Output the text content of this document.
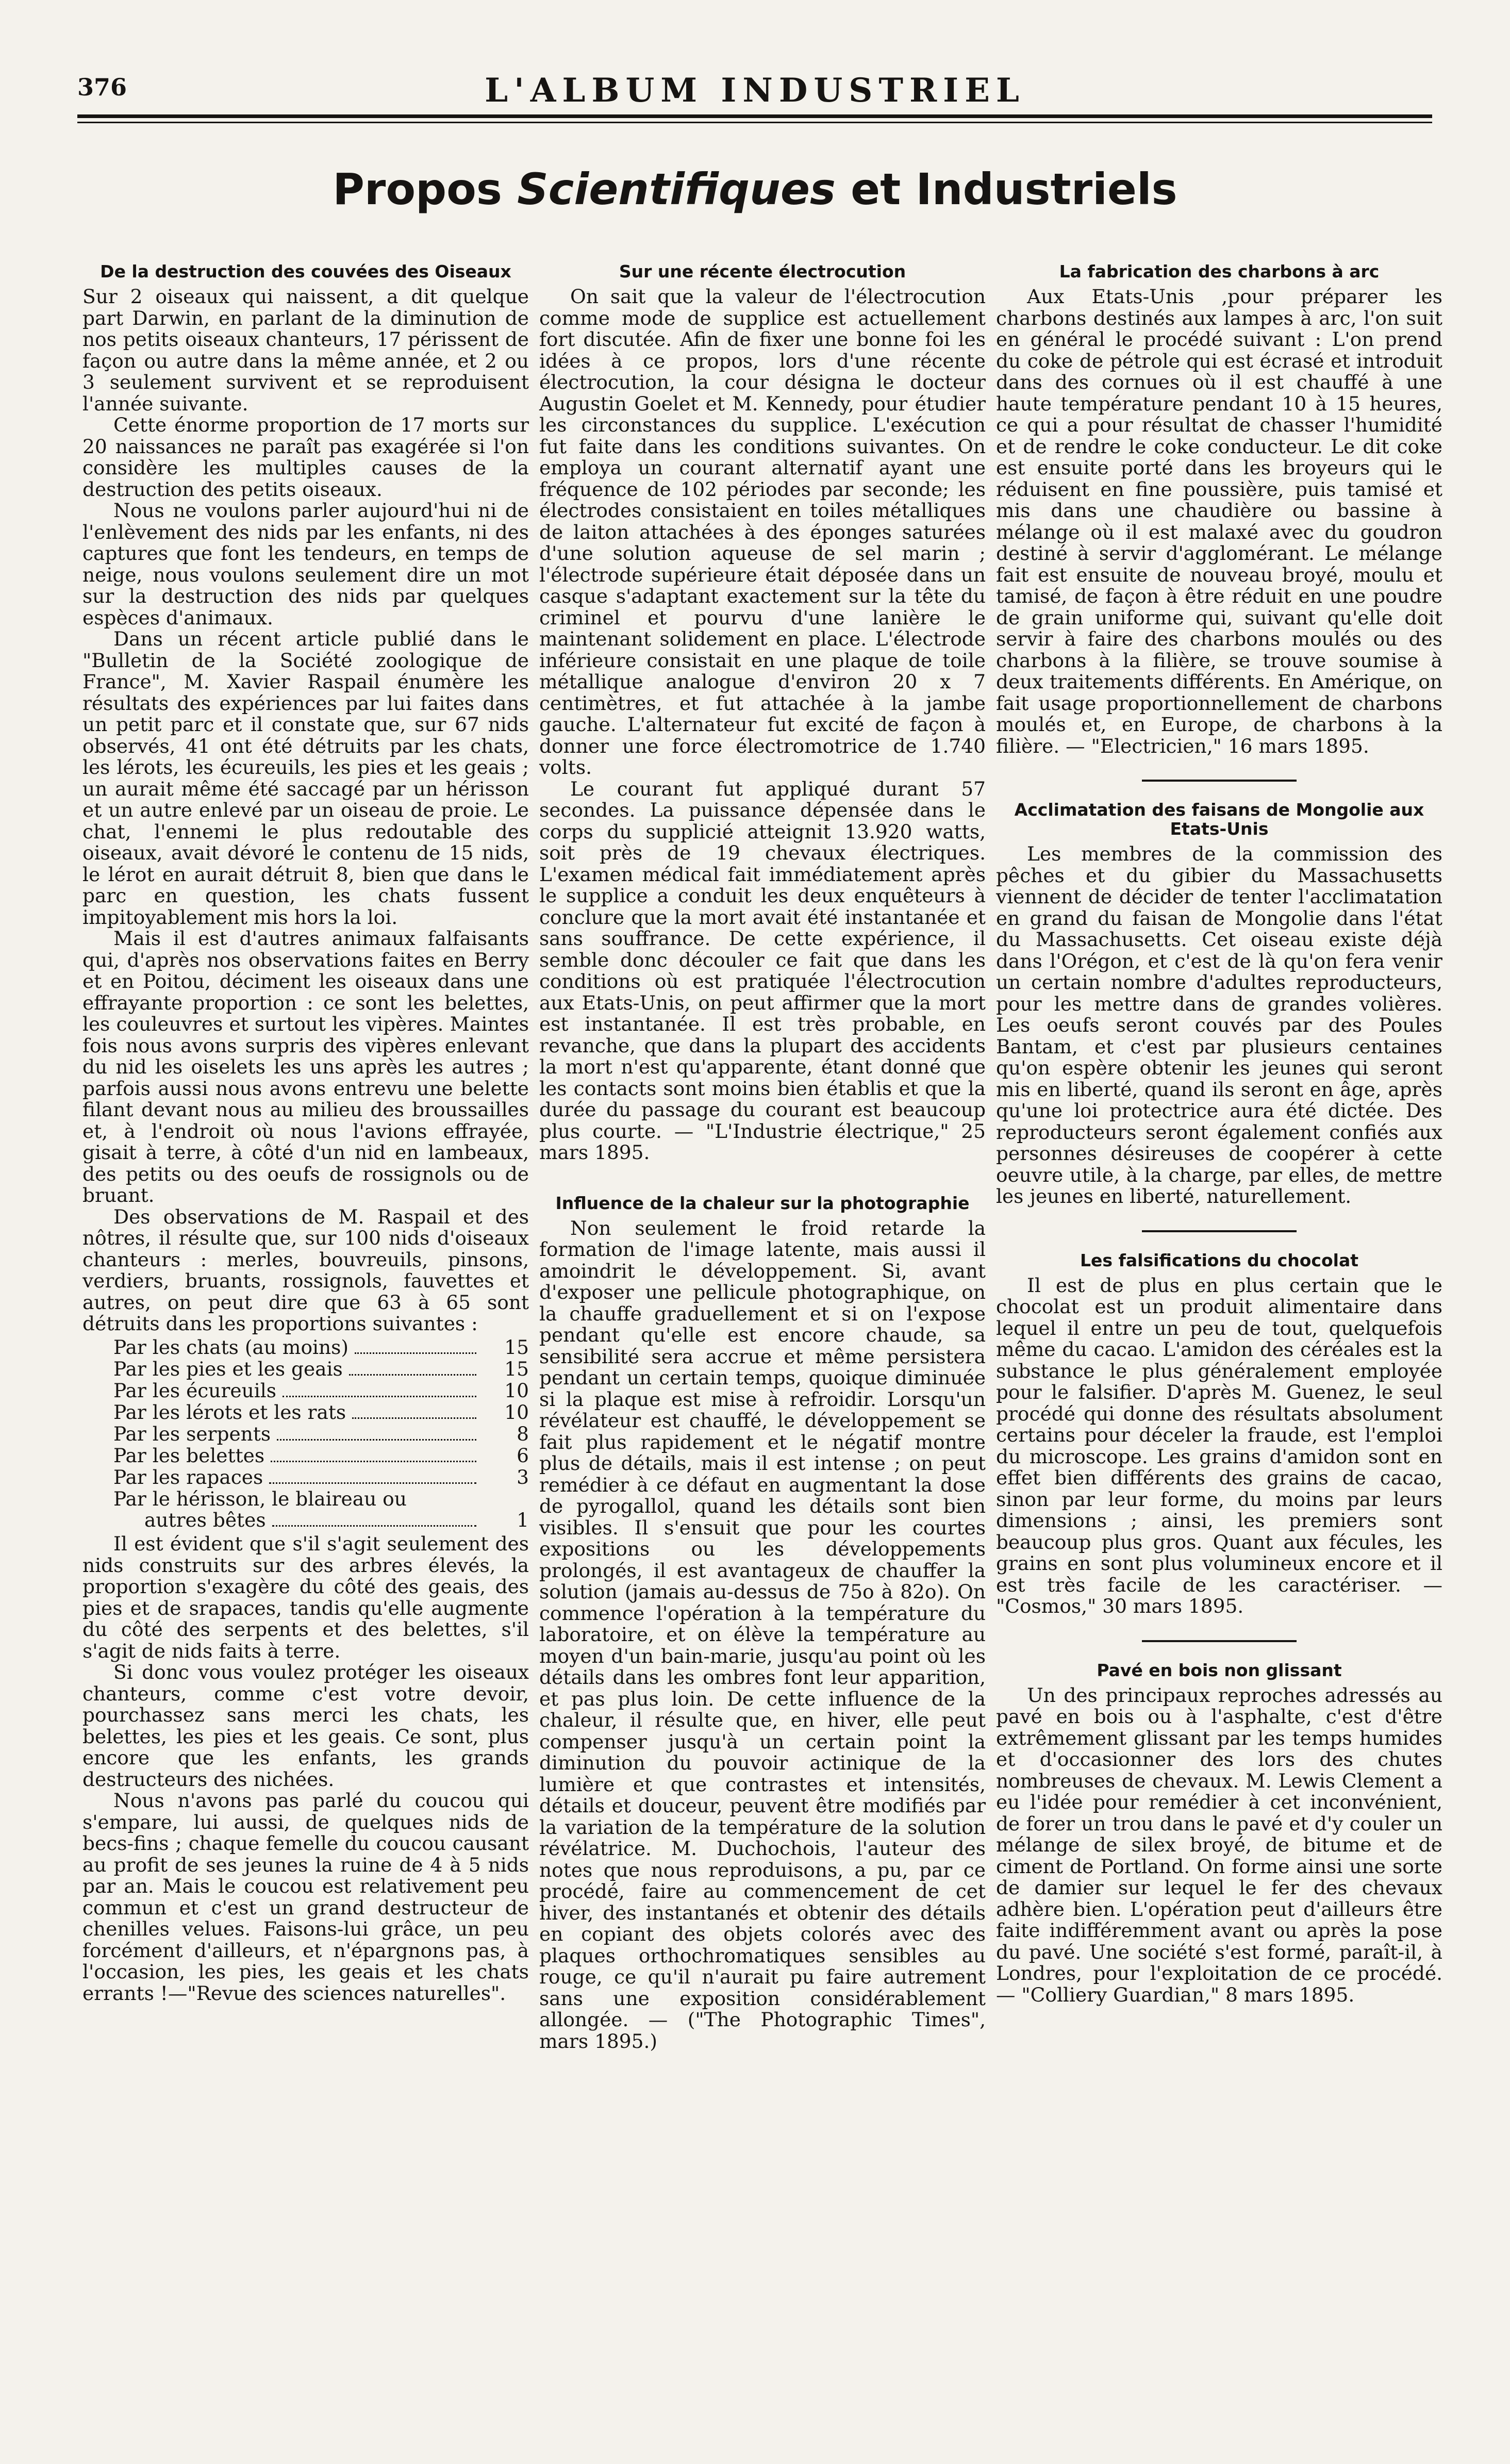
376	L'ALBUM INDUSTRIEL
Propos Scientifiques et Industriels
De la destruction des couvées des Oiseaux

Sur 2 oiseaux qui naissent, a dit quelque part Darwin, en parlant de la diminution de nos petits oiseaux chanteurs, 17 périssent de façon ou autre dans la même année, et 2 ou 3 seulement survivent et se reproduisent l'année suivante.

Cette énorme proportion de 17 morts sur 20 naissances ne paraît pas exagérée si l'on considère les multiples causes de la destruction des petits oiseaux.

Nous ne voulons parler aujourd'hui ni de l'enlèvement des nids par les enfants, ni des captures que font les tendeurs, en temps de neige, nous voulons seulement dire un mot sur la destruction des nids par quelques espèces d'animaux.

Dans un récent article publié dans le "Bulletin de la Société zoologique de France", M. Xavier Raspail énumère les résultats des expériences par lui faites dans un petit parc et il constate que, sur 67 nids observés, 41 ont été détruits par les chats, les lérots, les écureuils, les pies et les geais ; un aurait même été saccagé par un hérisson et un autre enlevé par un oiseau de proie. Le chat, l'ennemi le plus redoutable des oiseaux, avait dévoré le contenu de 15 nids, le lérot en aurait détruit 8, bien que dans le parc en question, les chats fussent impitoyablement mis hors la loi.

Mais il est d'autres animaux falfaisants qui, d'après nos observations faites en Berry et en Poitou, déciment les oiseaux dans une effrayante proportion : ce sont les belettes, les couleuvres et surtout les vipères. Maintes fois nous avons surpris des vipères enlevant du nid les oiselets les uns après les autres ; parfois aussi nous avons entrevu une belette filant devant nous au milieu des broussailles et, à l'endroit où nous l'avions effrayée, gisait à terre, à côté d'un nid en lambeaux, des petits ou des oeufs de rossignols ou de bruant.

Des observations de M. Raspail et des nôtres, il résulte que, sur 100 nids d'oiseaux chanteurs : merles, bouvreuils, pinsons, verdiers, bruants, rossignols, fauvettes et autres, on peut dire que 63 à 65 sont détruits dans les proportions suivantes :

Par les chats (au moins)	15
Par les pies et les geais	15
Par les écureuils	10
Par les lérots et les rats	10
Par les serpents	8
Par les belettes	6
Par les rapaces	3
Par le hérisson, le blaireau ou
autres bêtes	1

Il est évident que s'il s'agit seulement des nids construits sur des arbres élevés, la proportion s'exagère du côté des geais, des pies et de srapaces, tandis qu'elle augmente du côté des serpents et des belettes, s'il s'agit de nids faits à terre.

Si donc vous voulez protéger les oiseaux chanteurs, comme c'est votre devoir, pourchassez sans merci les chats, les belettes, les pies et les geais. Ce sont, plus encore que les enfants, les grands destructeurs des nichées.

Nous n'avons pas parlé du coucou qui s'empare, lui aussi, de quelques nids de becs-fins ; chaque femelle du coucou causant au profit de ses jeunes la ruine de 4 à 5 nids par an. Mais le coucou est relativement peu commun et c'est un grand destructeur de chenilles velues. Faisons-lui grâce, un peu forcément d'ailleurs, et n'épargnons pas, à l'occasion, les pies, les geais et les chats errants !—"Revue des sciences naturelles".

Sur une récente électrocution

On sait que la valeur de l'électrocution comme mode de supplice est actuellement fort discutée. Afin de fixer une bonne foi les idées à ce propos, lors d'une récente électrocution, la cour désigna le docteur Augustin Goelet et M. Kennedy, pour étudier les circonstances du supplice. L'exécution fut faite dans les conditions suivantes. On employa un courant alternatif ayant une fréquence de 102 périodes par seconde; les électrodes consistaient en toiles métalliques de laiton attachées à des éponges saturées d'une solution aqueuse de sel marin ; l'électrode supérieure était déposée dans un casque s'adaptant exactement sur la tête du criminel et pourvu d'une lanière le maintenant solidement en place. L'électrode inférieure consistait en une plaque de toile métallique analogue d'environ 20 x 7 centimètres, et fut attachée à la jambe gauche. L'alternateur fut excité de façon à donner une force électromotrice de 1.740 volts.

Le courant fut appliqué durant 57 secondes. La puissance dépensée dans le corps du supplicié atteignit 13.920 watts, soit près de 19 chevaux électriques. L'examen médical fait immédiatement après le supplice a conduit les deux enquêteurs à conclure que la mort avait été instantanée et sans souffrance. De cette expérience, il semble donc découler ce fait que dans les conditions où est pratiquée l'électrocution aux Etats-Unis, on peut affirmer que la mort est instantanée. Il est très probable, en revanche, que dans la plupart des accidents la mort n'est qu'apparente, étant donné que les contacts sont moins bien établis et que la durée du passage du courant est beaucoup plus courte. — "L'Industrie électrique," 25 mars 1895.

Influence de la chaleur sur la photographie

Non seulement le froid retarde la formation de l'image latente, mais aussi il amoindrit le développement. Si, avant d'exposer une pellicule photographique, on la chauffe graduellement et si on l'expose pendant qu'elle est encore chaude, sa sensibilité sera accrue et même persistera pendant un certain temps, quoique diminuée si la plaque est mise à refroidir. Lorsqu'un révélateur est chauffé, le développement se fait plus rapidement et le négatif montre plus de détails, mais il est intense ; on peut remédier à ce défaut en augmentant la dose de pyrogallol, quand les détails sont bien visibles. Il s'ensuit que pour les courtes expositions ou les développements prolongés, il est avantageux de chauffer la solution (jamais au-dessus de 75o à 82o). On commence l'opération à la température du laboratoire, et on élève la température au moyen d'un bain-marie, jusqu'au point où les détails dans les ombres font leur apparition, et pas plus loin. De cette influence de la chaleur, il résulte que, en hiver, elle peut compenser jusqu'à un certain point la diminution du pouvoir actinique de la lumière et que contrastes et intensités, détails et douceur, peuvent être modifiés par la variation de la température de la solution révélatrice. M. Duchochois, l'auteur des notes que nous reproduisons, a pu, par ce procédé, faire au commencement de cet hiver, des instantanés et obtenir des détails en copiant des objets colorés avec des plaques orthochromatiques sensibles au rouge, ce qu'il n'aurait pu faire autrement sans une exposition considérablement allongée. — ("The Photographic Times", mars 1895.)

La fabrication des charbons à arc

Aux Etats-Unis ,pour préparer les charbons destinés aux lampes à arc, l'on suit en général le procédé suivant : L'on prend du coke de pétrole qui est écrasé et introduit dans des cornues où il est chauffé à une haute température pendant 10 à 15 heures, ce qui a pour résultat de chasser l'humidité et de rendre le coke conducteur. Le dit coke est ensuite porté dans les broyeurs qui le réduisent en fine poussière, puis tamisé et mis dans une chaudière ou bassine à mélange où il est malaxé avec du goudron destiné à servir d'agglomérant. Le mélange fait est ensuite de nouveau broyé, moulu et tamisé, de façon à être réduit en une poudre de grain uniforme qui, suivant qu'elle doit servir à faire des charbons moulés ou des charbons à la filière, se trouve soumise à deux traitements différents. En Amérique, on fait usage proportionnellement de charbons moulés et, en Europe, de charbons à la filière. — "Electricien," 16 mars 1895.

Acclimatation des faisans de Mongolie aux Etats-Unis

Les membres de la commission des pêches et du gibier du Massachusetts viennent de décider de tenter l'acclimatation en grand du faisan de Mongolie dans l'état du Massachusetts. Cet oiseau existe déjà dans l'Orégon, et c'est de là qu'on fera venir un certain nombre d'adultes reproducteurs, pour les mettre dans de grandes volières. Les oeufs seront couvés par des Poules Bantam, et c'est par plusieurs centaines qu'on espère obtenir les jeunes qui seront mis en liberté, quand ils seront en âge, après qu'une loi protectrice aura été dictée. Des reproducteurs seront également confiés aux personnes désireuses de coopérer à cette oeuvre utile, à la charge, par elles, de mettre les jeunes en liberté, naturellement.

Les falsifications du chocolat

Il est de plus en plus certain que le chocolat est un produit alimentaire dans lequel il entre un peu de tout, quelquefois même du cacao. L'amidon des céréales est la substance le plus généralement employée pour le falsifier. D'après M. Guenez, le seul procédé qui donne des résultats absolument certains pour déceler la fraude, est l'emploi du microscope. Les grains d'amidon sont en effet bien différents des grains de cacao, sinon par leur forme, du moins par leurs dimensions ; ainsi, les premiers sont beaucoup plus gros. Quant aux fécules, les grains en sont plus volumineux encore et il est très facile de les caractériser. — "Cosmos," 30 mars 1895.

Pavé en bois non glissant

Un des principaux reproches adressés au pavé en bois ou à l'asphalte, c'est d'être extrêmement glissant par les temps humides et d'occasionner des lors des chutes nombreuses de chevaux. M. Lewis Clement a eu l'idée pour remédier à cet inconvénient, de forer un trou dans le pavé et d'y couler un mélange de silex broyé, de bitume et de ciment de Portland. On forme ainsi une sorte de damier sur lequel le fer des chevaux adhère bien. L'opération peut d'ailleurs être faite indifféremment avant ou après la pose du pavé. Une société s'est formé, paraît-il, à Londres, pour l'exploitation de ce procédé. — "Colliery Guardian," 8 mars 1895.
